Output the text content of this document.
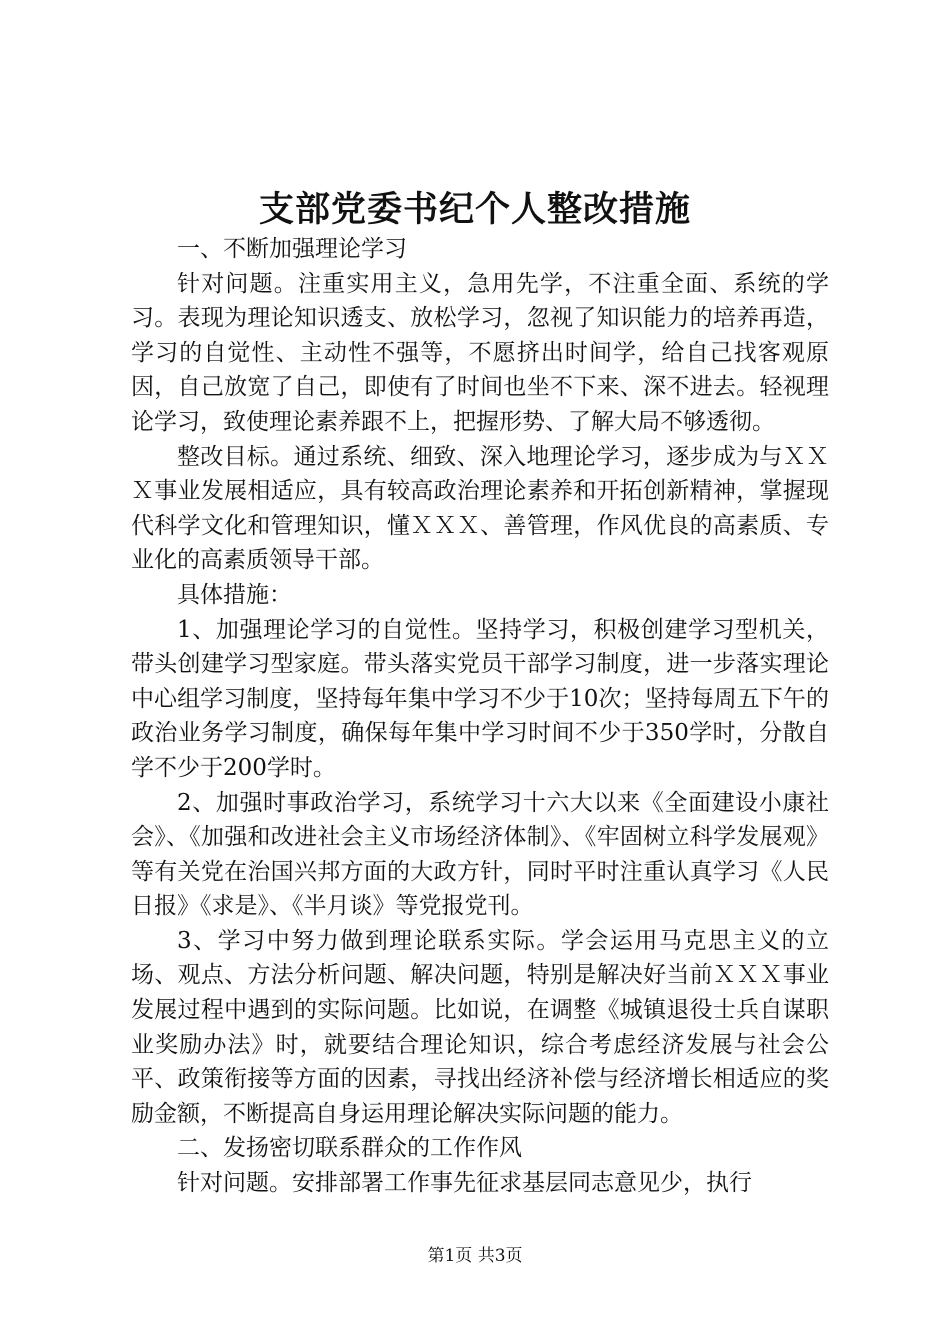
支部党委书纪个人整改措施

一、不断加强理论学习

针对问题。注重实用主义，急用先学，不注重全面、系统的学习。表现为理论知识透支、放松学习，忽视了知识能力的培养再造，学习的自觉性、主动性不强等，不愿挤出时间学，给自己找客观原因，自己放宽了自己，即使有了时间也坐不下来、深不进去。轻视理论学习，致使理论素养跟不上，把握形势、了解大局不够透彻。

整改目标。通过系统、细致、深入地理论学习，逐步成为与ＸＸＸ事业发展相适应，具有较高政治理论素养和开拓创新精神，掌握现代科学文化和管理知识，懂ＸＸＸ、善管理，作风优良的高素质、专业化的高素质领导干部。

具体措施：

1、加强理论学习的自觉性。坚持学习，积极创建学习型机关，带头创建学习型家庭。带头落实党员干部学习制度，进一步落实理论中心组学习制度，坚持每年集中学习不少于10次；坚持每周五下午的政治业务学习制度，确保每年集中学习时间不少于350学时，分散自学不少于200学时。

2、加强时事政治学习，系统学习十六大以来《全面建设小康社会》、《加强和改进社会主义市场经济体制》、《牢固树立科学发展观》等有关党在治国兴邦方面的大政方针，同时平时注重认真学习《人民日报》《求是》、《半月谈》等党报党刊。

3、学习中努力做到理论联系实际。学会运用马克思主义的立场、观点、方法分析问题、解决问题，特别是解决好当前ＸＸＸ事业发展过程中遇到的实际问题。比如说，在调整《城镇退役士兵自谋职业奖励办法》时，就要结合理论知识，综合考虑经济发展与社会公平、政策衔接等方面的因素，寻找出经济补偿与经济增长相适应的奖励金额，不断提高自身运用理论解决实际问题的能力。

二、发扬密切联系群众的工作作风

针对问题。安排部署工作事先征求基层同志意见少，执行

第1页 共3页
